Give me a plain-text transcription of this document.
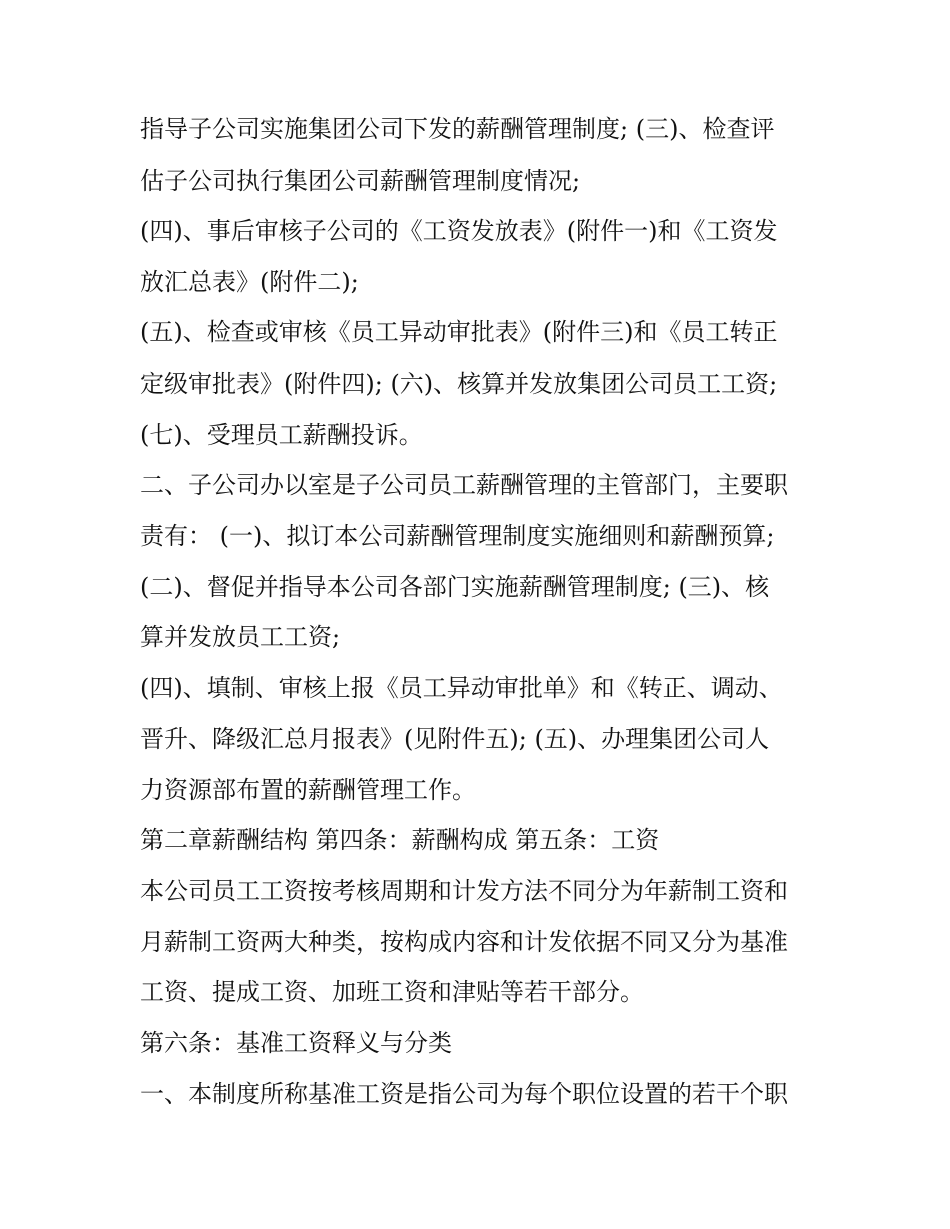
指导子公司实施集团公司下发的薪酬管理制度; (三)、检查评
估子公司执行集团公司薪酬管理制度情况;
(四)、事后审核子公司的《工资发放表》(附件一)和《工资发
放汇总表》(附件二);
(五)、检查或审核《员工异动审批表》(附件三)和《员工转正
定级审批表》(附件四); (六)、核算并发放集团公司员工工资;
(七)、受理员工薪酬投诉。
二、子公司办以室是子公司员工薪酬管理的主管部门，主要职
责有： (一)、拟订本公司薪酬管理制度实施细则和薪酬预算;
(二)、督促并指导本公司各部门实施薪酬管理制度; (三)、核
算并发放员工工资;
(四)、填制、审核上报《员工异动审批单》和《转正、调动、
晋升、降级汇总月报表》(见附件五); (五)、办理集团公司人
力资源部布置的薪酬管理工作。
第二章薪酬结构 第四条：薪酬构成 第五条：工资
本公司员工工资按考核周期和计发方法不同分为年薪制工资和
月薪制工资两大种类，按构成内容和计发依据不同又分为基准
工资、提成工资、加班工资和津贴等若干部分。
第六条：基准工资释义与分类
一、本制度所称基准工资是指公司为每个职位设置的若干个职
